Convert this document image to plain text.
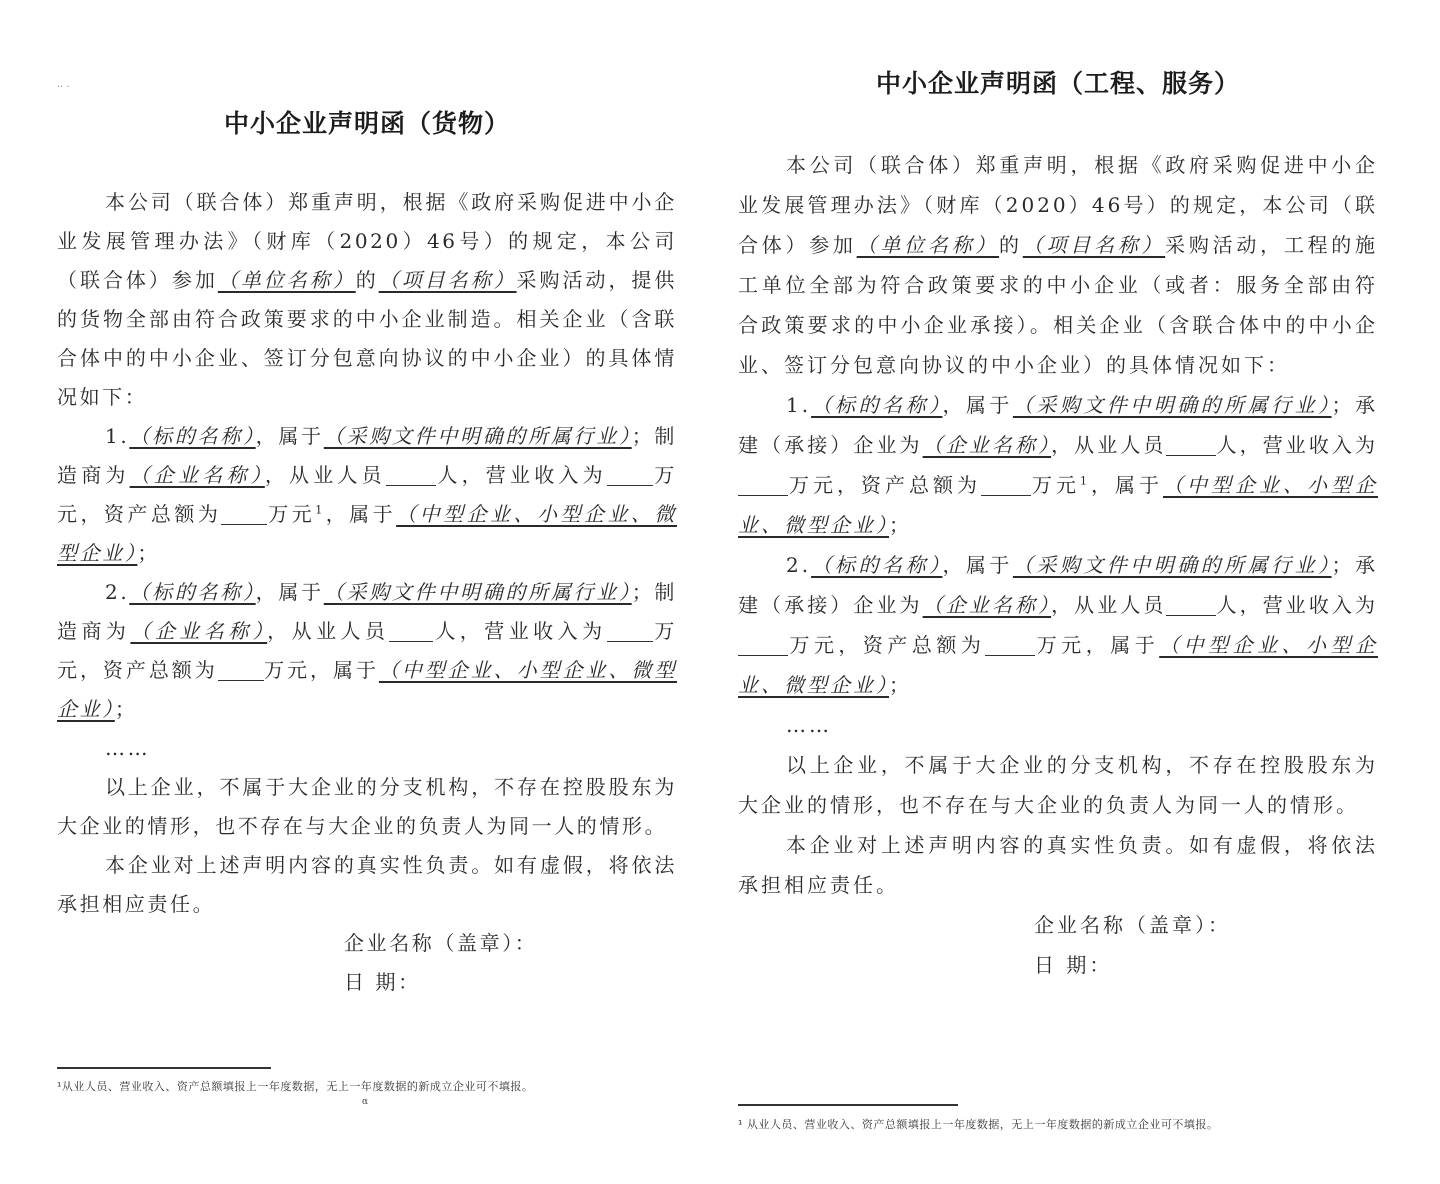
·· ·
中小企业声明函（货物）

本公司（联合体）郑重声明，根据《政府采购促进中小企业发展管理办法》（财库（2020）46号）的规定，本公司（联合体）参加（单位名称）的（项目名称）采购活动，提供的货物全部由符合政策要求的中小企业制造。相关企业（含联合体中的中小企业、签订分包意向协议的中小企业）的具体情况如下：

1.（标的名称），属于（采购文件中明确的所属行业）；制造商为（企业名称），从业人员	人，营业收入为 万元，资产总额为 万元$^1$，属于（中型企业、小型企业、微型企业）；

2.（标的名称），属于（采购文件中明确的所属行业）；制造商为（企业名称），从业人员 人，营业收入为 万元，资产总额为 万元，属于（中型企业、小型企业、微型企业）；

……

以上企业，不属于大企业的分支机构，不存在控股股东为大企业的情形，也不存在与大企业的负责人为同一人的情形。

本企业对上述声明内容的真实性负责。如有虚假，将依法承担相应责任。

企业名称（盖章）：

日 期：

¹从业人员、营业收入、资产总额填报上一年度数据，无上一年度数据的新成立企业可不填报。
α
中小企业声明函（工程、服务）

本公司（联合体）郑重声明，根据《政府采购促进中小企业发展管理办法》（财库（2020）46号）的规定，本公司（联合体）参加（单位名称）的（项目名称）采购活动，工程的施工单位全部为符合政策要求的中小企业（或者：服务全部由符合政策要求的中小企业承接）。相关企业（含联合体中的中小企业、签订分包意向协议的中小企业）的具体情况如下：

1.（标的名称），属于（采购文件中明确的所属行业）；承建（承接）企业为（企业名称），从业人员	人，营业收入为万元，资产总额为	万元$^1$，属于（中型企业、小型企业、微型企业）；

2.（标的名称），属于（采购文件中明确的所属行业）；承建（承接）企业为（企业名称），从业人员	人，营业收入为万元，资产总额为	万元，属于（中型企业、小型企业、微型企业）；

……

以上企业，不属于大企业的分支机构，不存在控股股东为大企业的情形，也不存在与大企业的负责人为同一人的情形。

本企业对上述声明内容的真实性负责。如有虚假，将依法承担相应责任。

企业名称（盖章）：

日 期：

¹ 从业人员、营业收入、资产总额填报上一年度数据，无上一年度数据的新成立企业可不填报。
